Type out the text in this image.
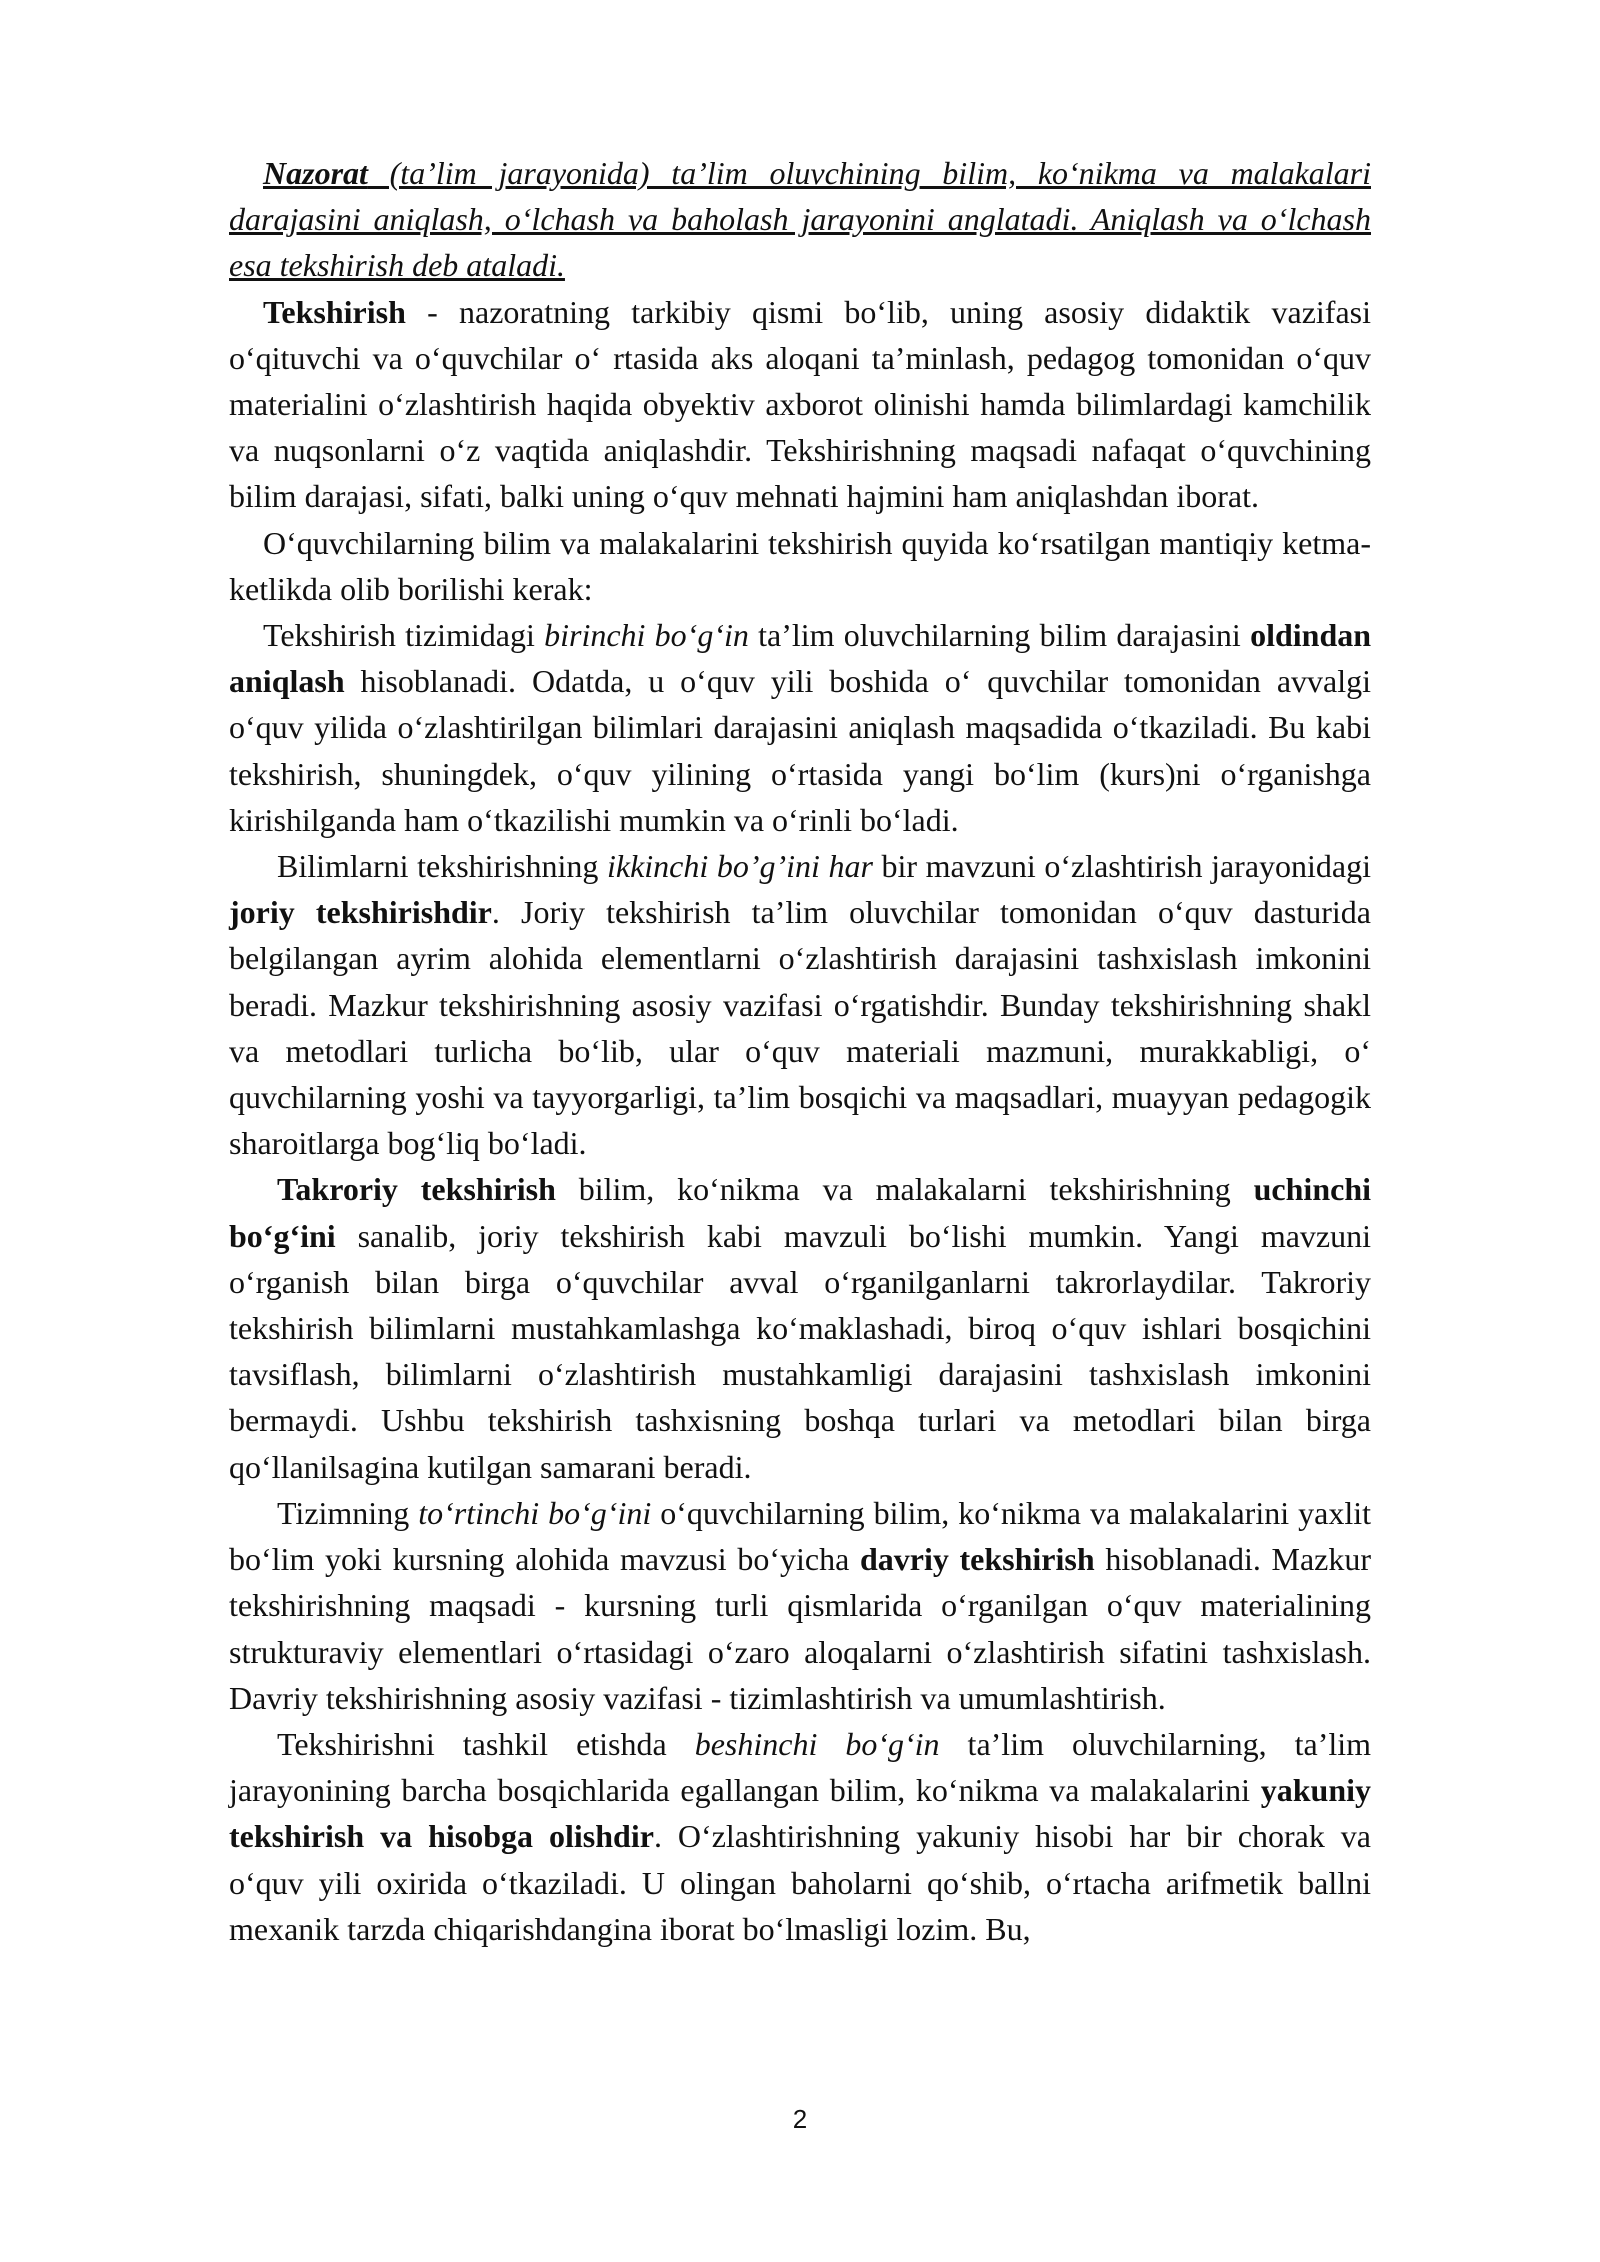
Nazorat (ta’lim jarayonida) ta’lim oluvchining bilim, ko‘nikma va malakalari darajasini aniqlash, o‘lchash va baholash jarayonini anglatadi. Aniqlash va o‘lchash esa tekshirish deb ataladi.

Tekshirish - nazoratning tarkibiy qismi bo‘lib, uning asosiy didaktik vazifasi o‘qituvchi va o‘quvchilar o‘ rtasida aks aloqani ta’minlash, pedagog tomonidan o‘quv materialini o‘zlashtirish haqida obyektiv axborot olinishi hamda bilimlardagi kamchilik va nuqsonlarni o‘z vaqtida aniqlashdir. Tekshirishning maqsadi nafaqat o‘quvchining bilim darajasi, sifati, balki uning o‘quv mehnati hajmini ham aniqlashdan iborat.

O‘quvchilarning bilim va malakalarini tekshirish quyida ko‘rsatilgan mantiqiy ketma-ketlikda olib borilishi kerak:

Tekshirish tizimidagi birinchi bo‘g‘in ta’lim oluvchilarning bilim darajasini oldindan aniqlash hisoblanadi. Odatda, u o‘quv yili boshida o‘ quvchilar tomonidan avvalgi o‘quv yilida o‘zlashtirilgan bilimlari darajasini aniqlash maqsadida o‘tkaziladi. Bu kabi tekshirish, shuningdek, o‘quv yilining o‘rtasida yangi bo‘lim (kurs)ni o‘rganishga kirishilganda ham o‘tkazilishi mumkin va o‘rinli bo‘ladi.

Bilimlarni tekshirishning ikkinchi bo’g’ini har bir mavzuni o‘zlashtirish jarayonidagi joriy tekshirishdir. Joriy tekshirish ta’lim oluvchilar tomonidan o‘quv dasturida belgilangan ayrim alohida elementlarni o‘zlashtirish darajasini tashxislash imkonini beradi. Mazkur tekshirishning asosiy vazifasi o‘rgatishdir. Bunday tekshirishning shakl va metodlari turlicha bo‘lib, ular o‘quv materiali mazmuni, murakkabligi, o‘ quvchilarning yoshi va tayyorgarligi, ta’lim bosqichi va maqsadlari, muayyan pedagogik sharoitlarga bog‘liq bo‘ladi.

Takroriy tekshirish bilim, ko‘nikma va malakalarni tekshirishning uchinchi bo‘g‘ini sanalib, joriy tekshirish kabi mavzuli bo‘lishi mumkin. Yangi mavzuni o‘rganish bilan birga o‘quvchilar avval o‘rganilganlarni takrorlaydilar. Takroriy tekshirish bilimlarni mustahkamlashga ko‘maklashadi, biroq o‘quv ishlari bosqichini tavsiflash, bilimlarni o‘zlashtirish mustahkamligi darajasini tashxislash imkonini bermaydi. Ushbu tekshirish tashxisning boshqa turlari va metodlari bilan birga qo‘llanilsagina kutilgan samarani beradi.

Tizimning to‘rtinchi bo‘g‘ini o‘quvchilarning bilim, ko‘nikma va malakalarini yaxlit bo‘lim yoki kursning alohida mavzusi bo‘yicha davriy tekshirish hisoblanadi. Mazkur tekshirishning maqsadi - kursning turli qismlarida o‘rganilgan o‘quv materialining strukturaviy elementlari o‘rtasidagi o‘zaro aloqalarni o‘zlashtirish sifatini tashxislash. Davriy tekshirishning asosiy vazifasi - tizimlashtirish va umumlashtirish.

Tekshirishni tashkil etishda beshinchi bo‘g‘in ta’lim oluvchilarning, ta’lim jarayonining barcha bosqichlarida egallangan bilim, ko‘nikma va malakalarini yakuniy tekshirish va hisobga olishdir. O‘zlashtirishning yakuniy hisobi har bir chorak va o‘quv yili oxirida o‘tkaziladi. U olingan baholarni qo‘shib, o‘rtacha arifmetik ballni mexanik tarzda chiqarishdangina iborat bo‘lmasligi lozim. Bu,

2
